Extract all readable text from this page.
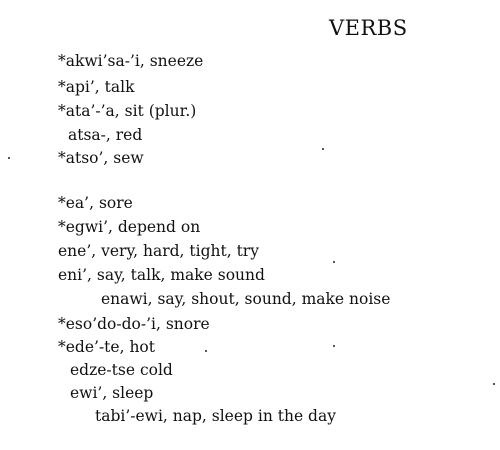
VERBS
*akwi’sa-’i, sneeze
*api’, talk
*ata’-’a, sit (plur.)
atsa-, red
*atso’, sew
*ea’, sore
*egwi’, depend on
ene’, very, hard, tight, try
eni’, say, talk, make sound
enawi, say, shout, sound, make noise
*eso’do-do-’i, snore
*ede’-te, hot
edze-tse cold
ewi’, sleep
tabi’-ewi, nap, sleep in the day
